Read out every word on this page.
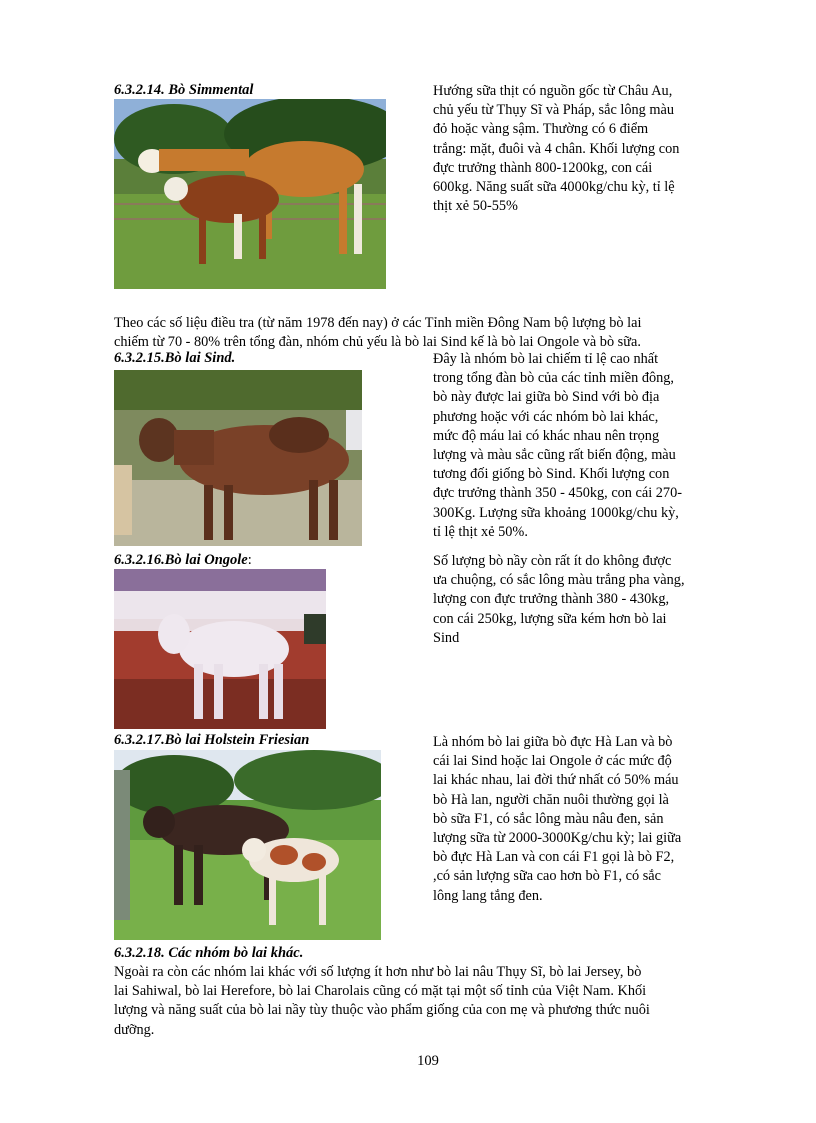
6.3.2.14. Bò Simmental	Hướng sữa thịt có nguồn gốc từ Châu Au,
chủ yếu từ Thụy Sĩ và Pháp, sắc lông màu
đỏ hoặc vàng sậm. Thường có 6 điểm
trắng: mặt, đuôi và 4 chân. Khối lượng con
đực trưởng thành 800-1200kg, con cái
600kg. Năng suất sữa 4000kg/chu kỳ, tỉ lệ
thịt xẻ 50-55%
Theo các số liệu điều tra (từ năm 1978 đến nay) ở các Tỉnh miền Đông Nam bộ lượng bò lai
chiếm từ 70 - 80% trên tổng đàn, nhóm chủ yếu là bò lai Sind kế là bò lai Ongole và bò sữa.
6.3.2.15.Bò lai Sind.	Đây là nhóm bò lai chiếm tỉ lệ cao nhất
trong tổng đàn bò của các tỉnh miền đông,
bò này được lai giữa bò Sind với bò địa
phương hoặc với các nhóm bò lai khác,
mức độ máu lai có khác nhau nên trọng
lượng và màu sắc cũng rất biến động, màu
tương đối giống bò Sind. Khối lượng con
đực trưởng thành 350 - 450kg, con cái 270-
300Kg. Lượng sữa khoảng 1000kg/chu kỳ,
tỉ lệ thịt xẻ 50%.
6.3.2.16.Bò lai Ongole:	Số lượng bò nầy còn rất ít do không được
ưa chuộng, có sắc lông màu trắng pha vàng,
lượng con đực trưởng thành 380 - 430kg,
con cái 250kg, lượng sữa kém hơn bò lai
Sind
6.3.2.17.Bò lai Holstein Friesian	Là nhóm bò lai giữa bò đực Hà Lan và bò
cái lai Sind hoặc lai Ongole ở các mức độ
lai khác nhau, lai đời thứ nhất có 50% máu
bò Hà lan, người chăn nuôi thường gọi là
bò sữa F1, có sắc lông màu nâu đen, sản
lượng sữa từ 2000-3000Kg/chu kỳ; lai giữa
bò đực Hà Lan và con cái F1 gọi là bò F2,
,có sản lượng sữa cao hơn bò F1, có sắc
lông lang tắng đen.
6.3.2.18. Các nhóm bò lai khác.
Ngoài ra còn các nhóm lai khác với số lượng ít hơn như bò lai nâu Thụy Sĩ, bò lai Jersey, bò
lai Sahiwal, bò lai Herefore, bò lai Charolais cũng có mặt tại một số tỉnh của Việt Nam. Khối
lượng và năng suất của bò lai nầy tùy thuộc vào phẩm giống của con mẹ và phương thức nuôi
dưỡng.
109
